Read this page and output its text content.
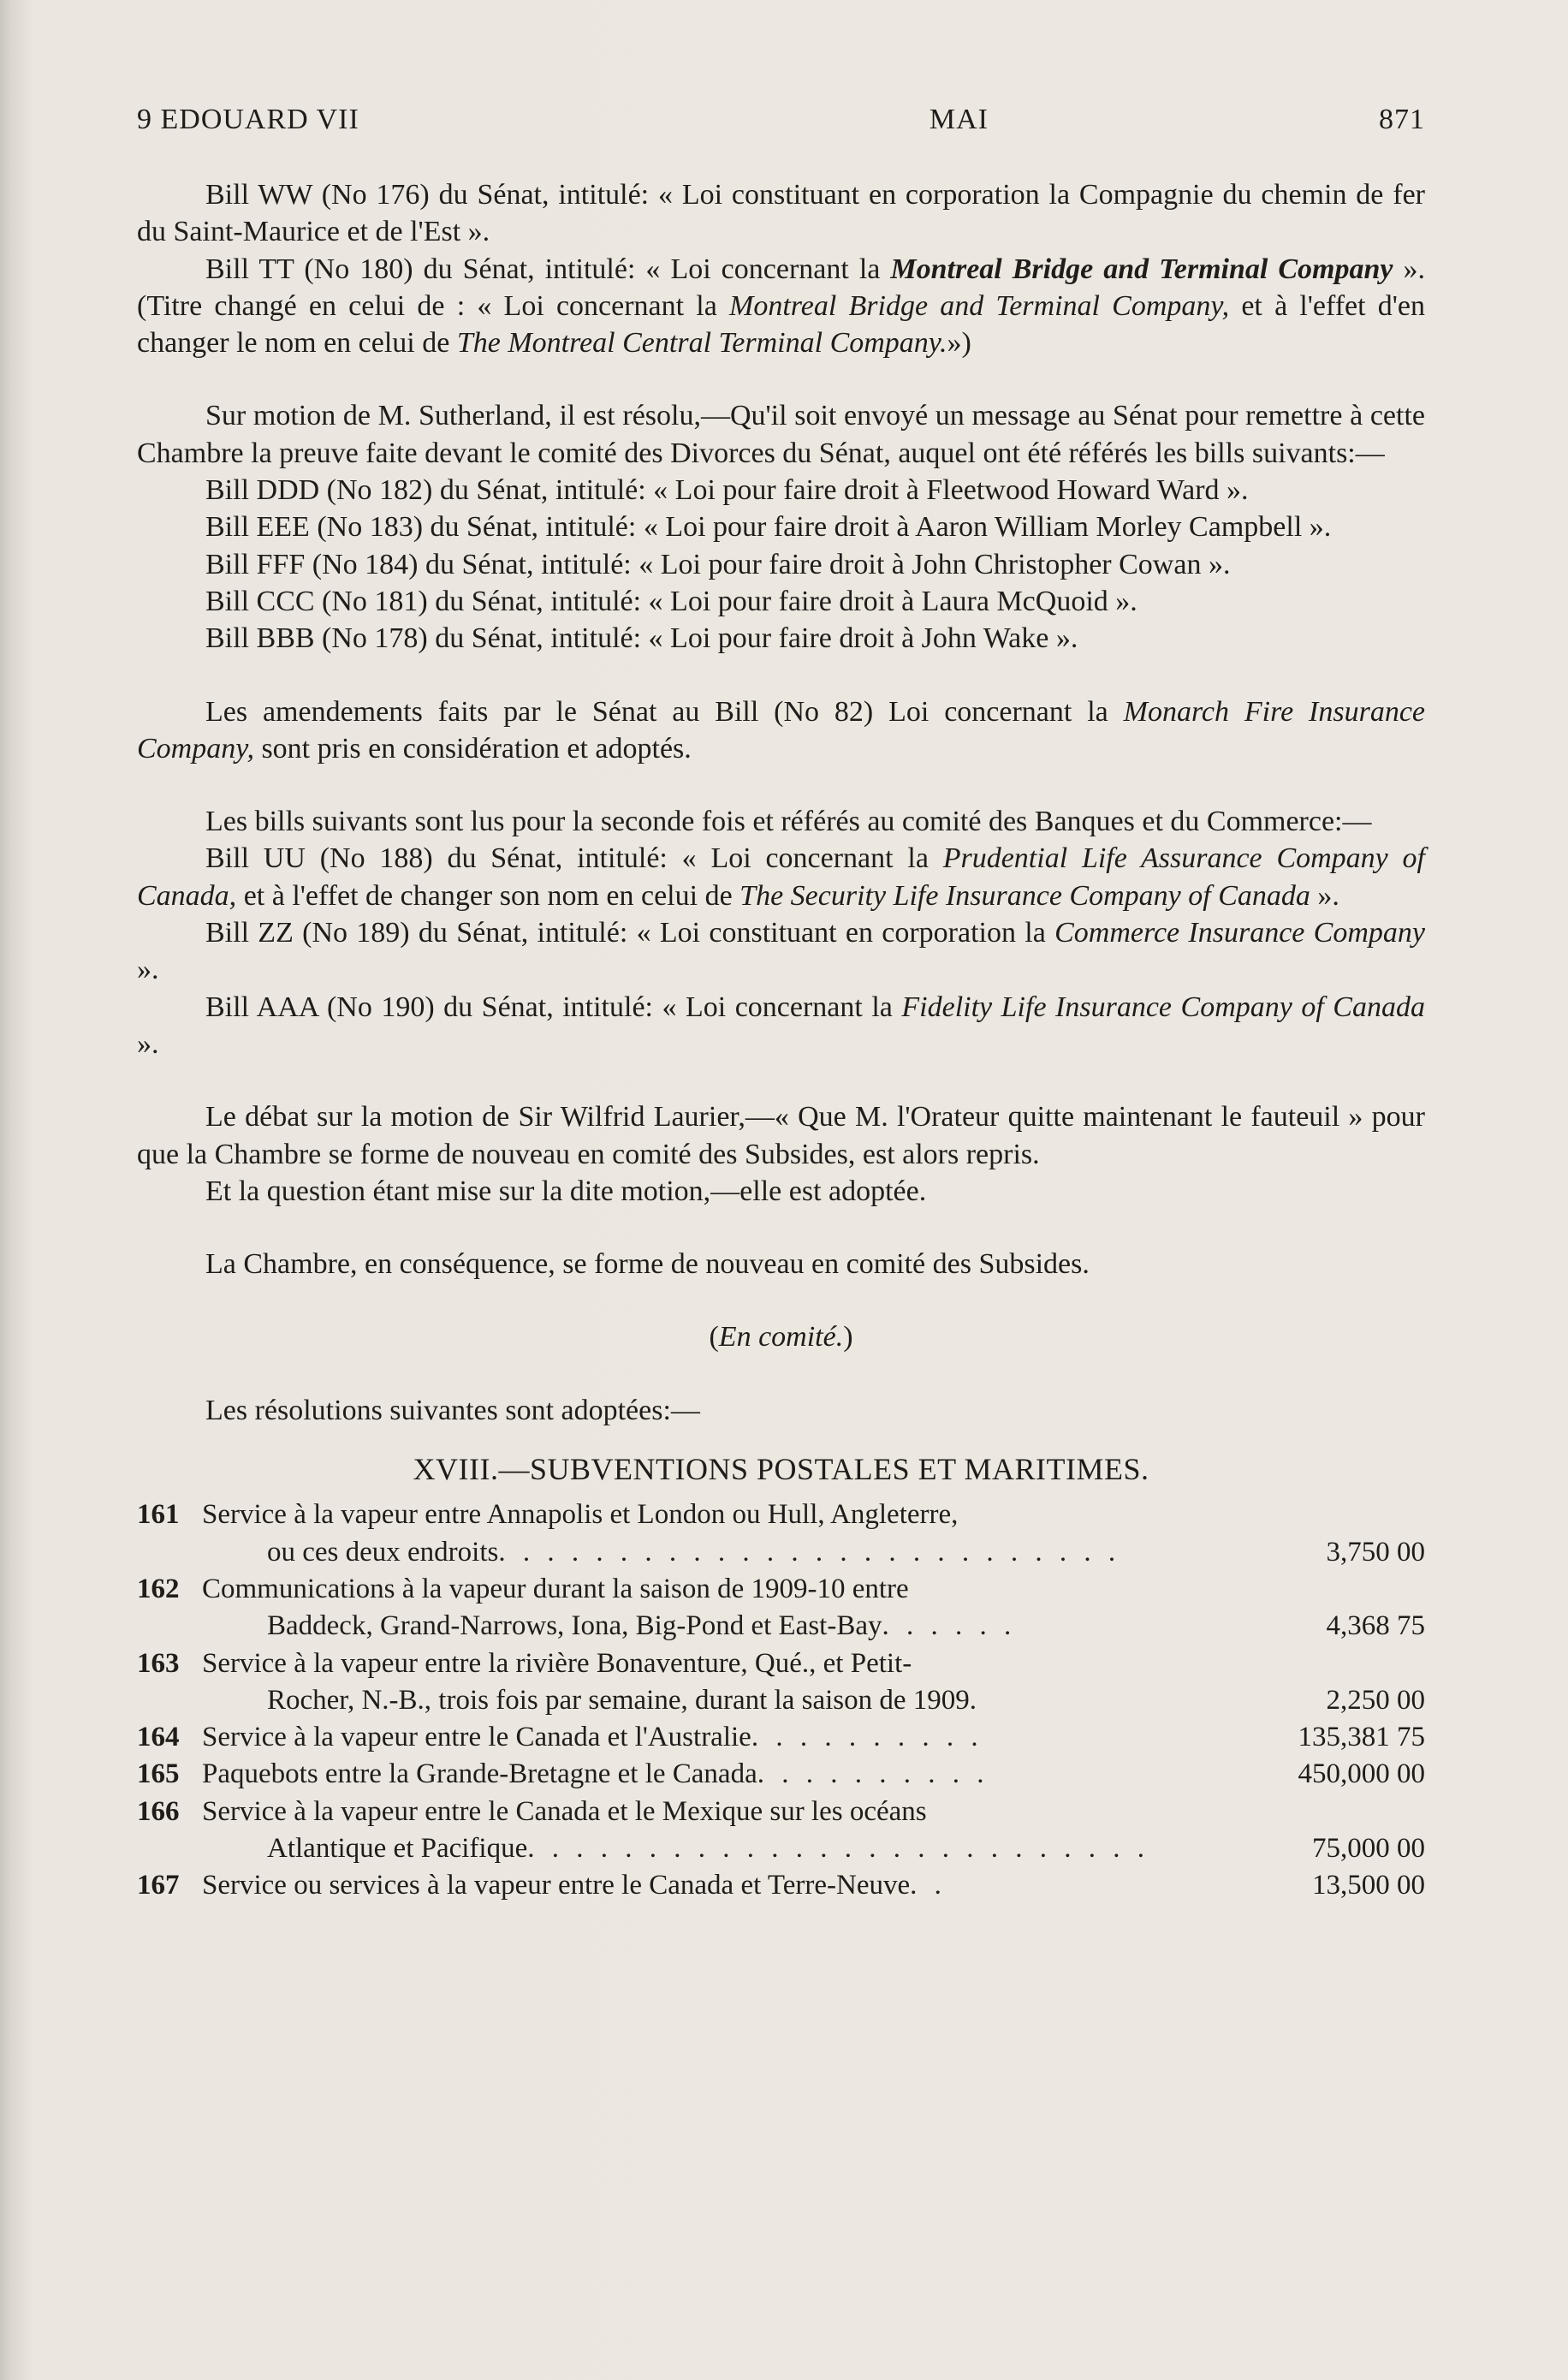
9 EDOUARD VII	MAI	871

Bill WW (No 176) du Sénat, intitulé: « Loi constituant en corporation la Compagnie du chemin de fer du Saint-Maurice et de l'Est ».

Bill TT (No 180) du Sénat, intitulé: « Loi concernant la Montreal Bridge and Terminal Company ». (Titre changé en celui de : « Loi concernant la Montreal Bridge and Terminal Company, et à l'effet d'en changer le nom en celui de The Montreal Central Terminal Company.»)

Sur motion de M. Sutherland, il est résolu,—Qu'il soit envoyé un message au Sénat pour remettre à cette Chambre la preuve faite devant le comité des Divorces du Sénat, auquel ont été référés les bills suivants:—

Bill DDD (No 182) du Sénat, intitulé: « Loi pour faire droit à Fleetwood Howard Ward ».

Bill EEE (No 183) du Sénat, intitulé: « Loi pour faire droit à Aaron William Morley Campbell ».

Bill FFF (No 184) du Sénat, intitulé: « Loi pour faire droit à John Christopher Cowan ».

Bill CCC (No 181) du Sénat, intitulé: « Loi pour faire droit à Laura McQuoid ».

Bill BBB (No 178) du Sénat, intitulé: « Loi pour faire droit à John Wake ».

Les amendements faits par le Sénat au Bill (No 82) Loi concernant la Monarch Fire Insurance Company, sont pris en considération et adoptés.

Les bills suivants sont lus pour la seconde fois et référés au comité des Banques et du Commerce:—

Bill UU (No 188) du Sénat, intitulé: « Loi concernant la Prudential Life Assurance Company of Canada, et à l'effet de changer son nom en celui de The Security Life Insurance Company of Canada ».

Bill ZZ (No 189) du Sénat, intitulé: « Loi constituant en corporation la Commerce Insurance Company ».

Bill AAA (No 190) du Sénat, intitulé: « Loi concernant la Fidelity Life Insurance Company of Canada ».

Le débat sur la motion de Sir Wilfrid Laurier,—« Que M. l'Orateur quitte maintenant le fauteuil » pour que la Chambre se forme de nouveau en comité des Subsides, est alors repris.

Et la question étant mise sur la dite motion,—elle est adoptée.

La Chambre, en conséquence, se forme de nouveau en comité des Subsides.

(En comité.)

Les résolutions suivantes sont adoptées:—

XVIII.—SUBVENTIONS POSTALES ET MARITIMES.
161 Service à la vapeur entre Annapolis et London ou Hull, Angleterre,
ou ces deux endroits. . . . . . . . . . . . . . . . . . . . . . . . . .	3,750 00
162 Communications à la vapeur durant la saison de 1909-10 entre
Baddeck, Grand-Narrows, Iona, Big-Pond et East-Bay. . . . . .	4,368 75
163 Service à la vapeur entre la rivière Bonaventure, Qué., et Petit-
Rocher, N.-B., trois fois par semaine, durant la saison de 1909.	2,250 00
164 Service à la vapeur entre le Canada et l'Australie. . . . . . . . . .	135,381 75
165 Paquebots entre la Grande-Bretagne et le Canada. . . . . . . . . .	450,000 00
166 Service à la vapeur entre le Canada et le Mexique sur les océans
Atlantique et Pacifique. . . . . . . . . . . . . . . . . . . . . . . . . .	75,000 00
167 Service ou services à la vapeur entre le Canada et Terre-Neuve. .	13,500 00
